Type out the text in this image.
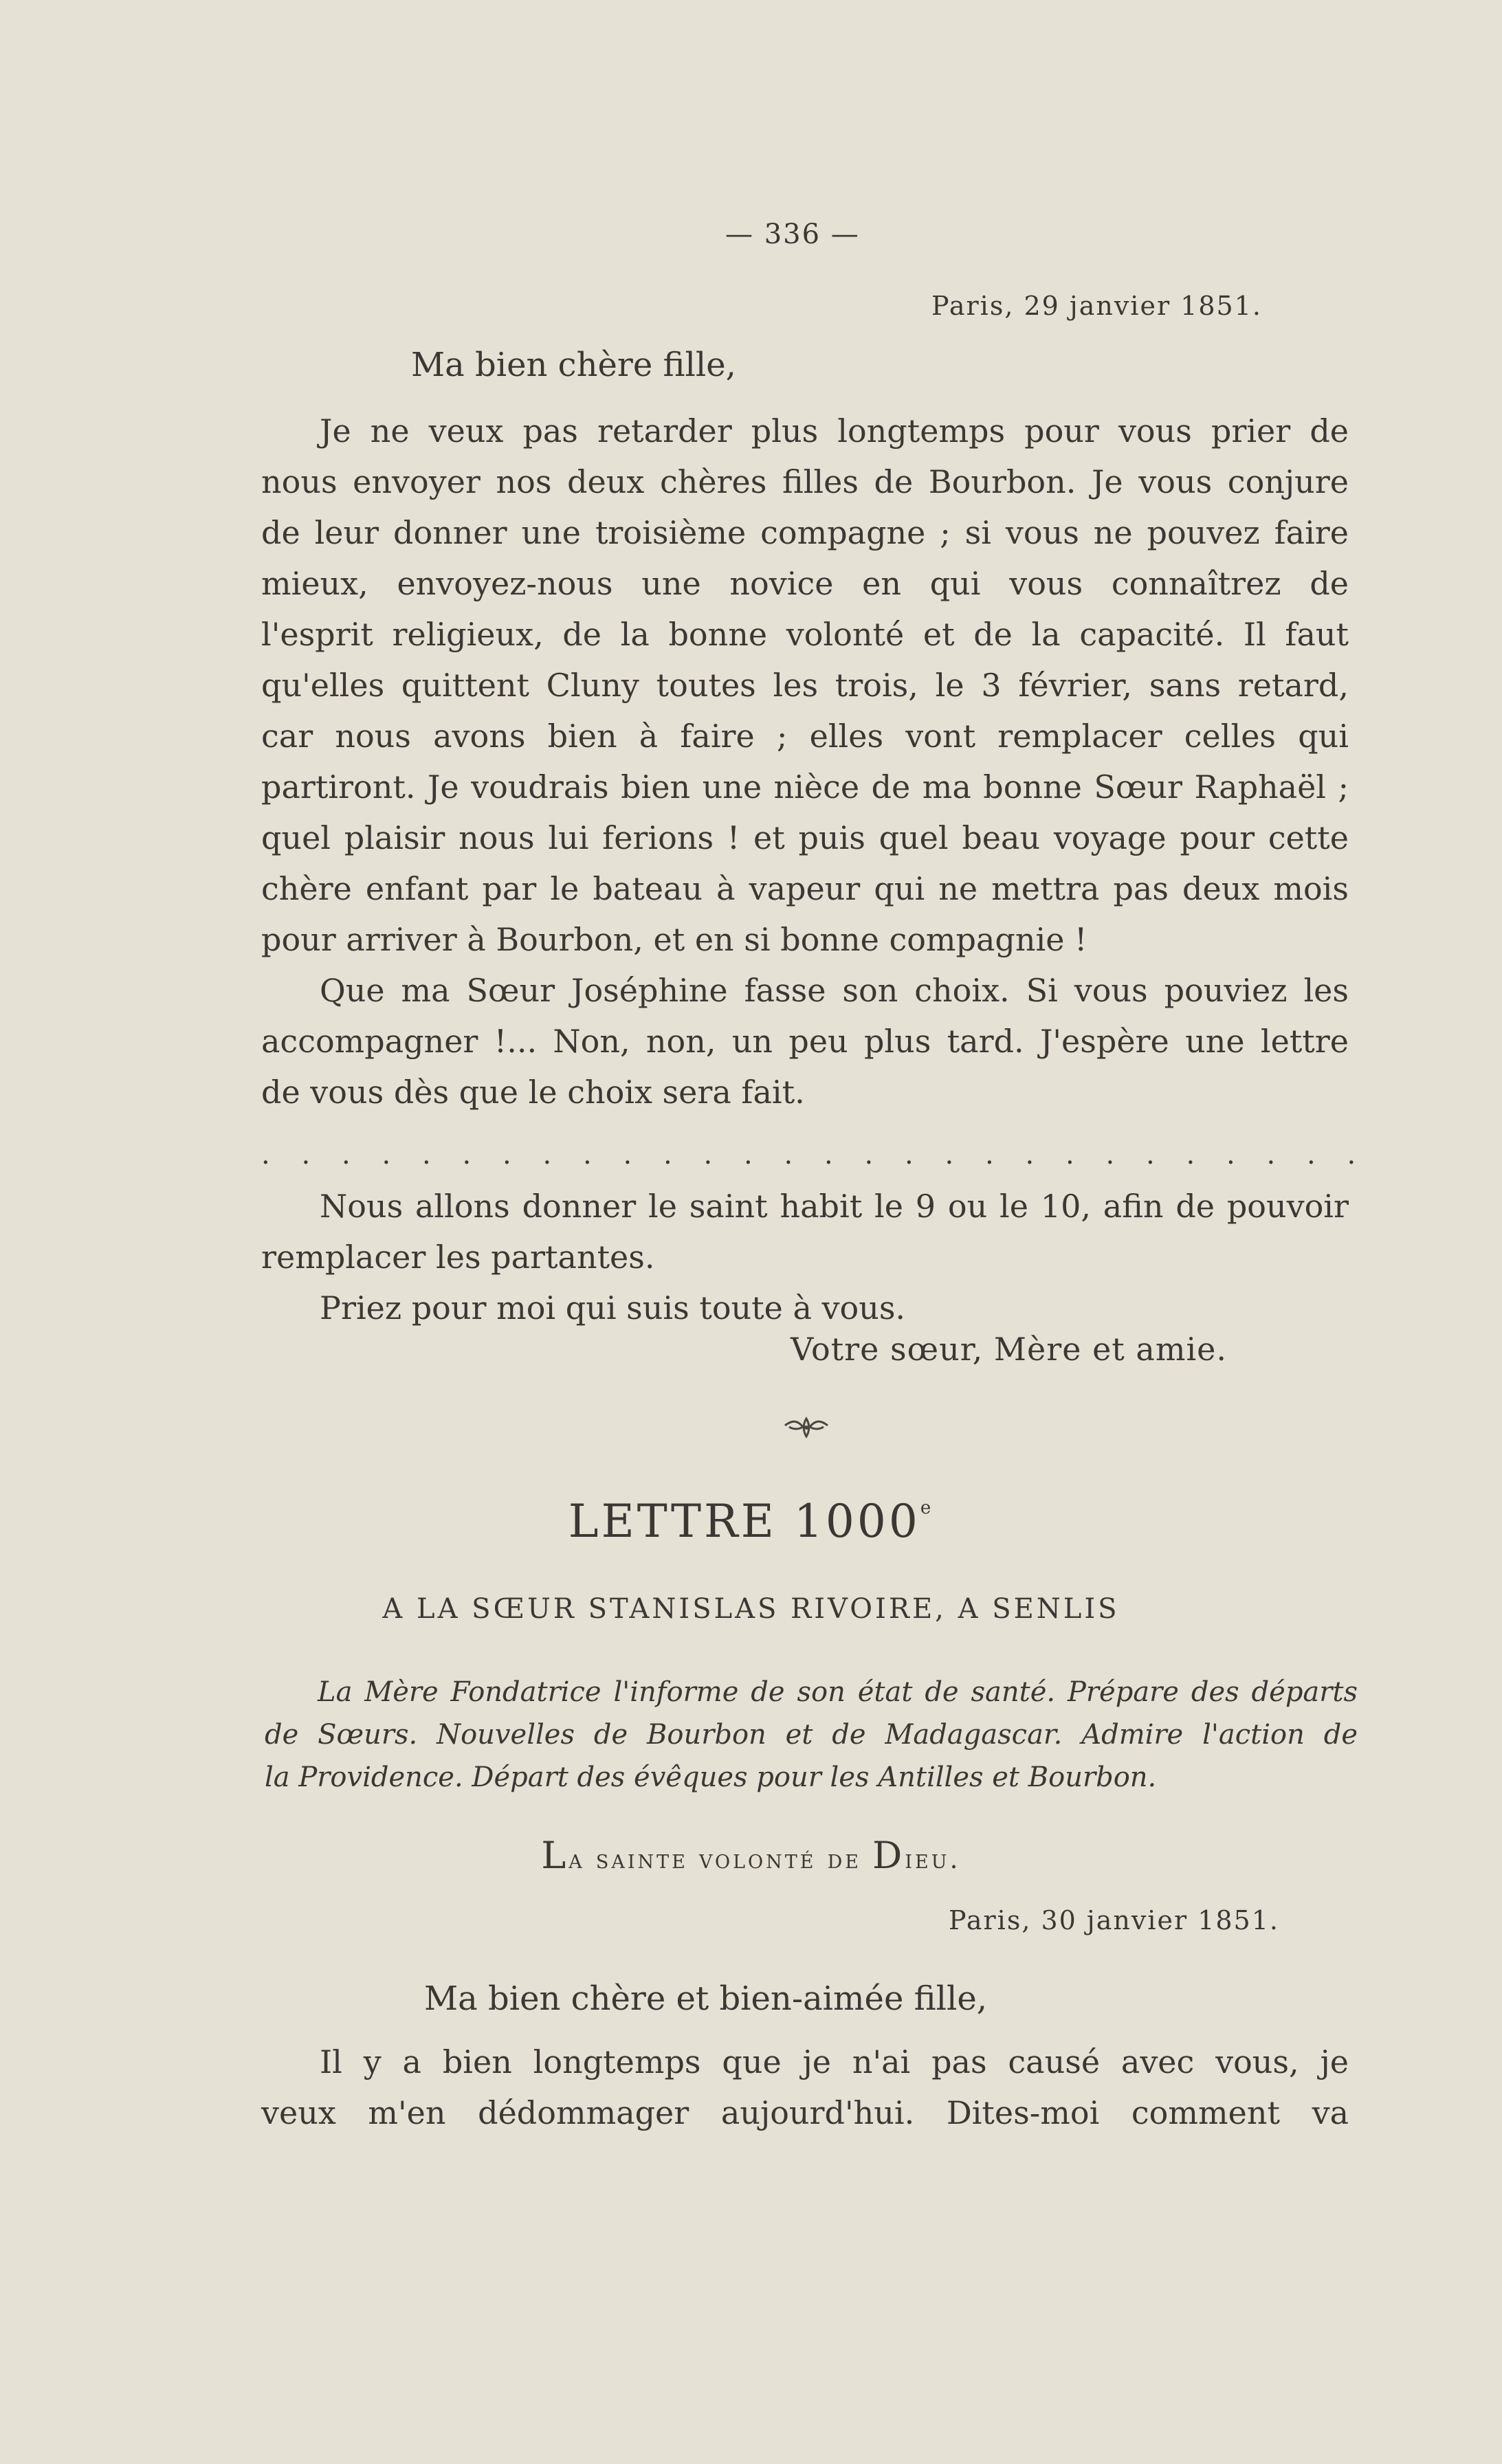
— 336 —
Paris, 29 janvier 1851.
Ma bien chère fille,
Je ne veux pas retarder plus longtemps pour vous prier de
nous envoyer nos deux chères filles de Bourbon. Je vous conjure
de leur donner une troisième compagne ; si vous ne pouvez faire
mieux, envoyez-nous une novice en qui vous connaîtrez de
l'esprit religieux, de la bonne volonté et de la capacité. Il faut
qu'elles quittent Cluny toutes les trois, le 3 février, sans retard,
car nous avons bien à faire ; elles vont remplacer celles qui
partiront. Je voudrais bien une nièce de ma bonne Sœur Raphaël ;
quel plaisir nous lui ferions ! et puis quel beau voyage pour cette
chère enfant par le bateau à vapeur qui ne mettra pas deux mois
pour arriver à Bourbon, et en si bonne compagnie !
Que ma Sœur Joséphine fasse son choix. Si vous pouviez les
accompagner !... Non, non, un peu plus tard. J'espère une lettre
de vous dès que le choix sera fait.
. . . . . . . . . . . . . . . . . . . . . . . . . . . .
Nous allons donner le saint habit le 9 ou le 10, afin de pouvoir
remplacer les partantes.
Priez pour moi qui suis toute à vous.
Votre sœur, Mère et amie.
LETTRE 1000e
A LA SŒUR STANISLAS RIVOIRE, A SENLIS
La Mère Fondatrice l'informe de son état de santé. Prépare des départs
de Sœurs. Nouvelles de Bourbon et de Madagascar. Admire l'action de
la Providence. Départ des évêques pour les Antilles et Bourbon.
La sainte volonté de Dieu.
Paris, 30 janvier 1851.
Ma bien chère et bien-aimée fille,
Il y a bien longtemps que je n'ai pas causé avec vous, je
veux m'en dédommager aujourd'hui. Dites-moi comment va
